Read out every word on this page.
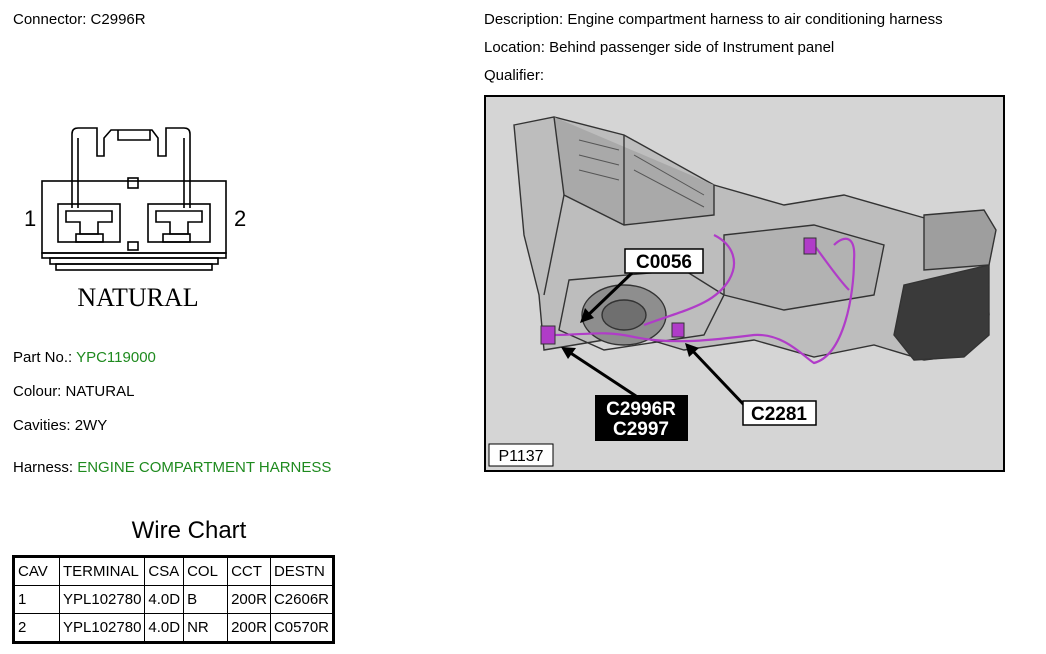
Connector: C2996R
1	2
NATURAL
Part No.: YPC119000
Colour: NATURAL
Cavities: 2WY
Harness: ENGINE COMPARTMENT HARNESS
Wire Chart
CAV	TERMINAL	CSA	COL	CCT	DESTN
1	YPL102780	4.0D	B	200R	C2606R
2	YPL102780	4.0D	NR	200R	C0570R
Description: Engine compartment harness to air conditioning harness
Location: Behind passenger side of Instrument panel
Qualifier:
C0056
C2996R
C2997
C2281
P1137
